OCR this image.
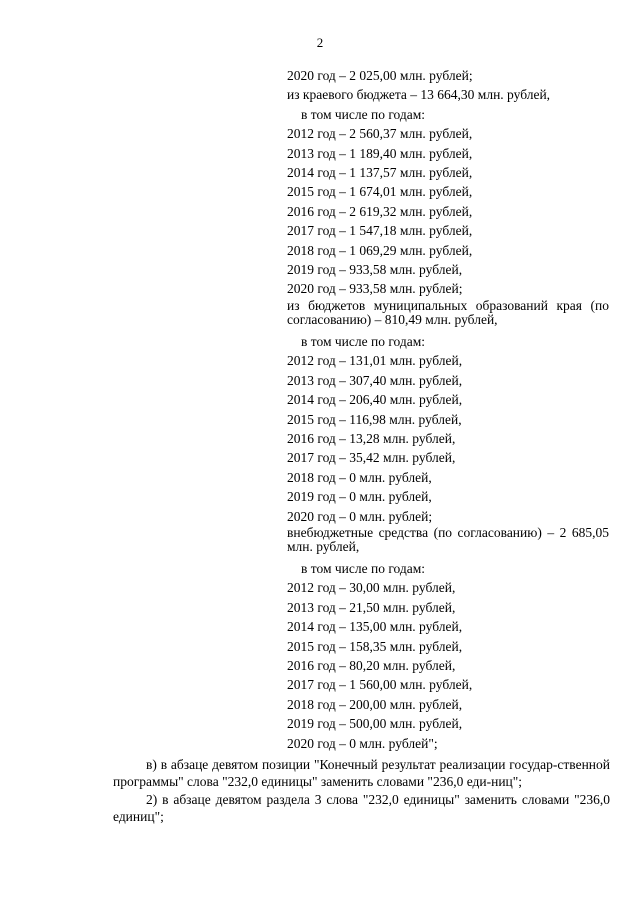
2
2020 год – 2 025,00 млн. рублей;
из краевого бюджета – 13 664,30 млн. рублей,
в том числе по годам:
2012 год – 2 560,37 млн. рублей,
2013 год – 1 189,40 млн. рублей,
2014 год – 1 137,57 млн. рублей,
2015 год – 1 674,01 млн. рублей,
2016 год – 2 619,32 млн. рублей,
2017 год – 1 547,18 млн. рублей,
2018 год – 1 069,29 млн. рублей,
2019 год – 933,58 млн. рублей,
2020 год – 933,58 млн. рублей;
из бюджетов муниципальных образований края (по согласованию) – 810,49 млн. рублей,
в том числе по годам:
2012 год – 131,01 млн. рублей,
2013 год – 307,40 млн. рублей,
2014 год – 206,40 млн. рублей,
2015 год – 116,98 млн. рублей,
2016 год – 13,28 млн. рублей,
2017 год – 35,42 млн. рублей,
2018 год – 0 млн. рублей,
2019 год – 0 млн. рублей,
2020 год – 0 млн. рублей;
внебюджетные средства (по согласованию) – 2 685,05 млн. рублей,
в том числе по годам:
2012 год – 30,00 млн. рублей,
2013 год – 21,50 млн. рублей,
2014 год – 135,00 млн. рублей,
2015 год – 158,35 млн. рублей,
2016 год – 80,20 млн. рублей,
2017 год – 1 560,00 млн. рублей,
2018 год – 200,00 млн. рублей,
2019 год – 500,00 млн. рублей,
2020 год – 0 млн. рублей";

в) в абзаце девятом позиции "Конечный результат реализации государ-ственной программы" слова "232,0 единицы" заменить словами "236,0 еди-ниц";

2) в абзаце девятом раздела 3 слова "232,0 единицы" заменить словами "236,0 единиц";
